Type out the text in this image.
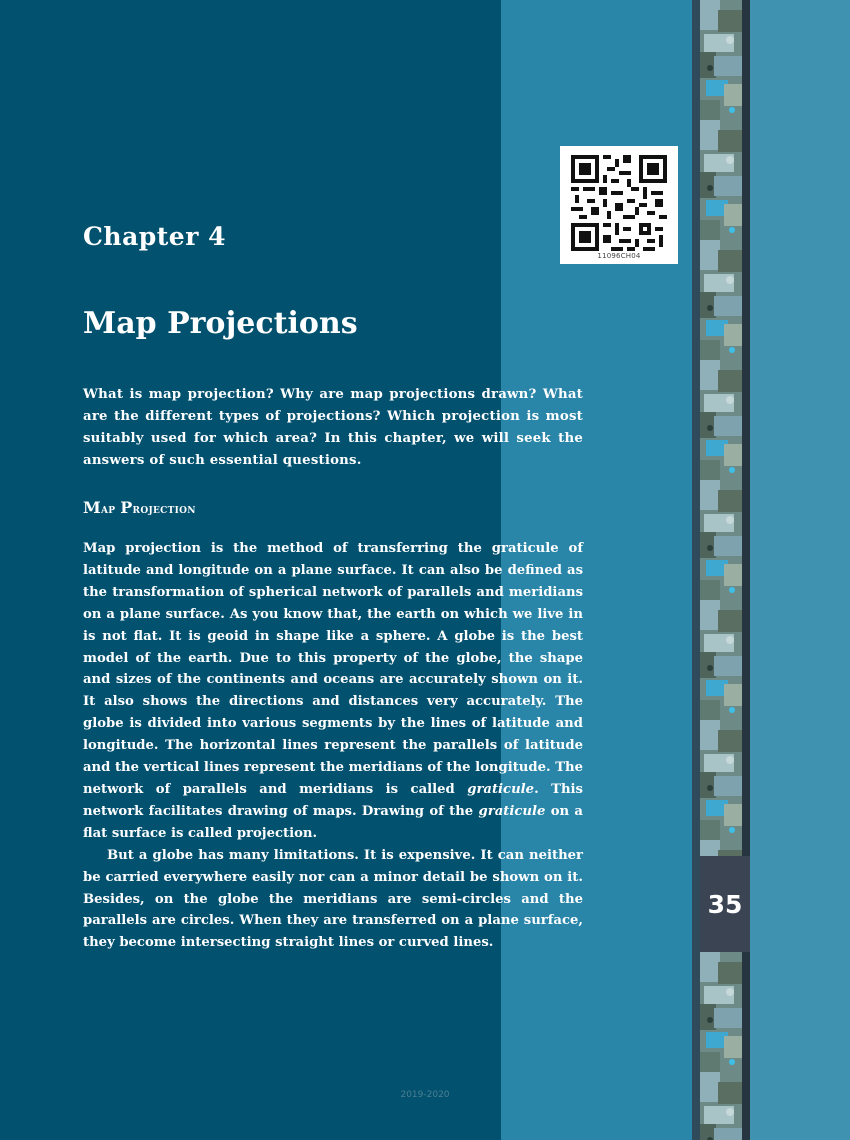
35
11096CH04
Chapter 4
Map Projections

What is map projection? Why are map projections drawn? What are the different types of projections? Which projection is most suitably used for which area? In this chapter, we will seek the answers of such essential questions.

Map Projection

Map projection is the method of transferring the graticule of latitude and longitude on a plane surface. It can also be defined as the transformation of spherical network of parallels and meridians on a plane surface. As you know that, the earth on which we live in is not flat. It is geoid in shape like a sphere. A globe is the best model of the earth. Due to this property of the globe, the shape and sizes of the continents and oceans are accurately shown on it. It also shows the directions and distances very accurately. The globe is divided into various segments by the lines of latitude and longitude. The horizontal lines represent the parallels of latitude and the vertical lines represent the meridians of the longitude. The network of parallels and meridians is called graticule. This network facilitates drawing of maps. Drawing of the graticule on a flat surface is called projection.

But a globe has many limitations. It is expensive. It can neither be carried everywhere easily nor can a minor detail be shown on it. Besides, on the globe the meridians are semi-circles and the parallels are circles. When they are transferred on a plane surface, they become intersecting straight lines or curved lines.

2019-2020
